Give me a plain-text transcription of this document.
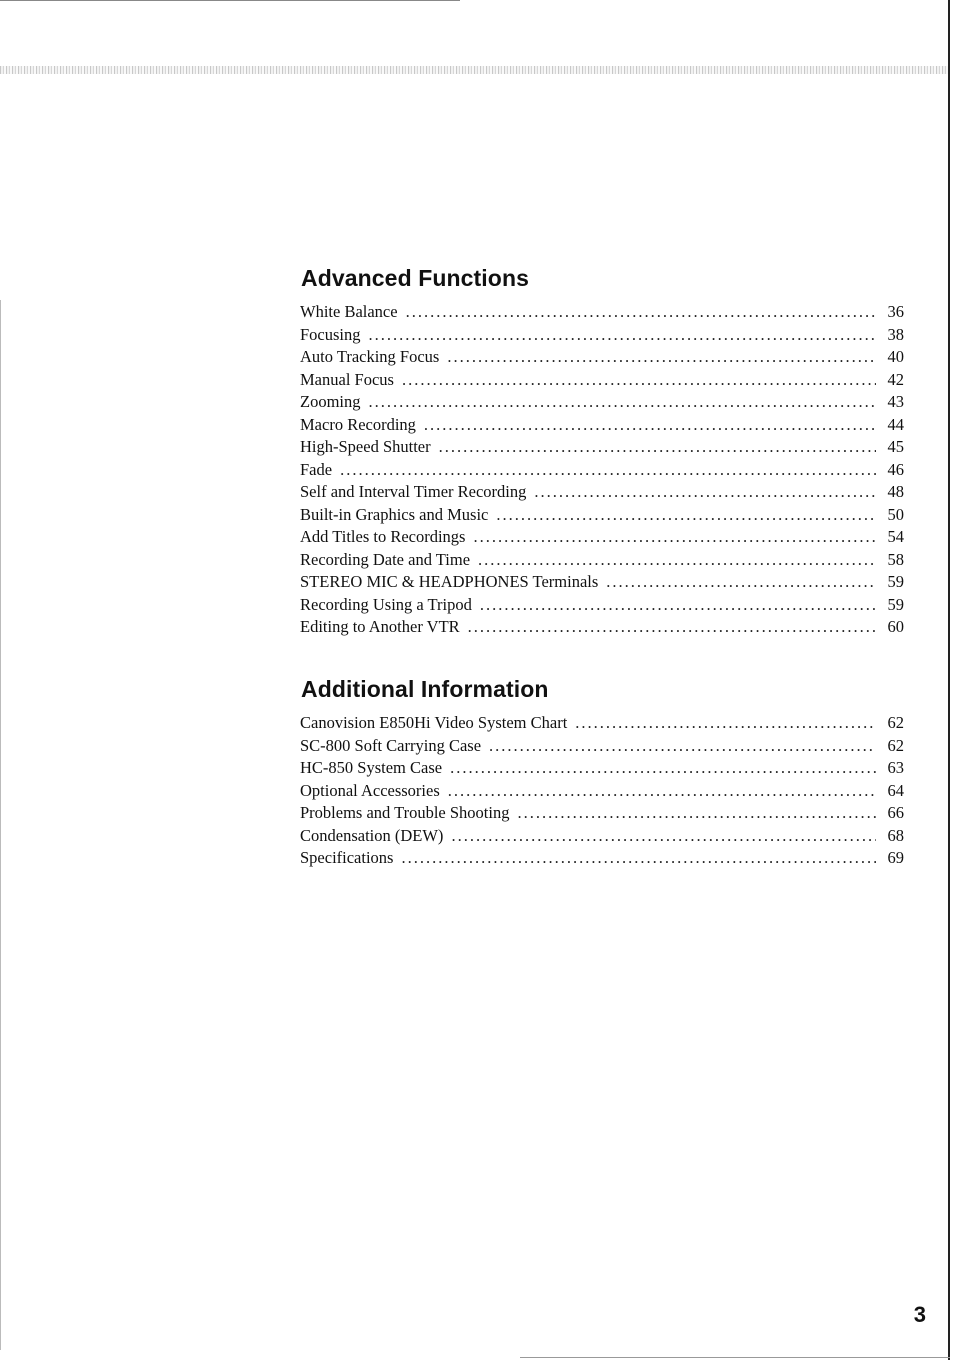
Advanced Functions
White Balance .....	36
Focusing .....	38
Auto Tracking Focus .....	40
Manual Focus .....	42
Zooming .....	43
Macro Recording .....	44
High-Speed Shutter .....	45
Fade .....	46
Self and Interval Timer Recording .....	48
Built-in Graphics and Music .....	50
Add Titles to Recordings .....	54
Recording Date and Time .....	58
STEREO MIC & HEADPHONES Terminals .....	59
Recording Using a Tripod .....	59
Editing to Another VTR .....	60
Additional Information
Canovision E850Hi Video System Chart .....	62
SC-800 Soft Carrying Case .....	62
HC-850 System Case .....	63
Optional Accessories .....	64
Problems and Trouble Shooting .....	66
Condensation (DEW) .....	68
Specifications .....	69
3
